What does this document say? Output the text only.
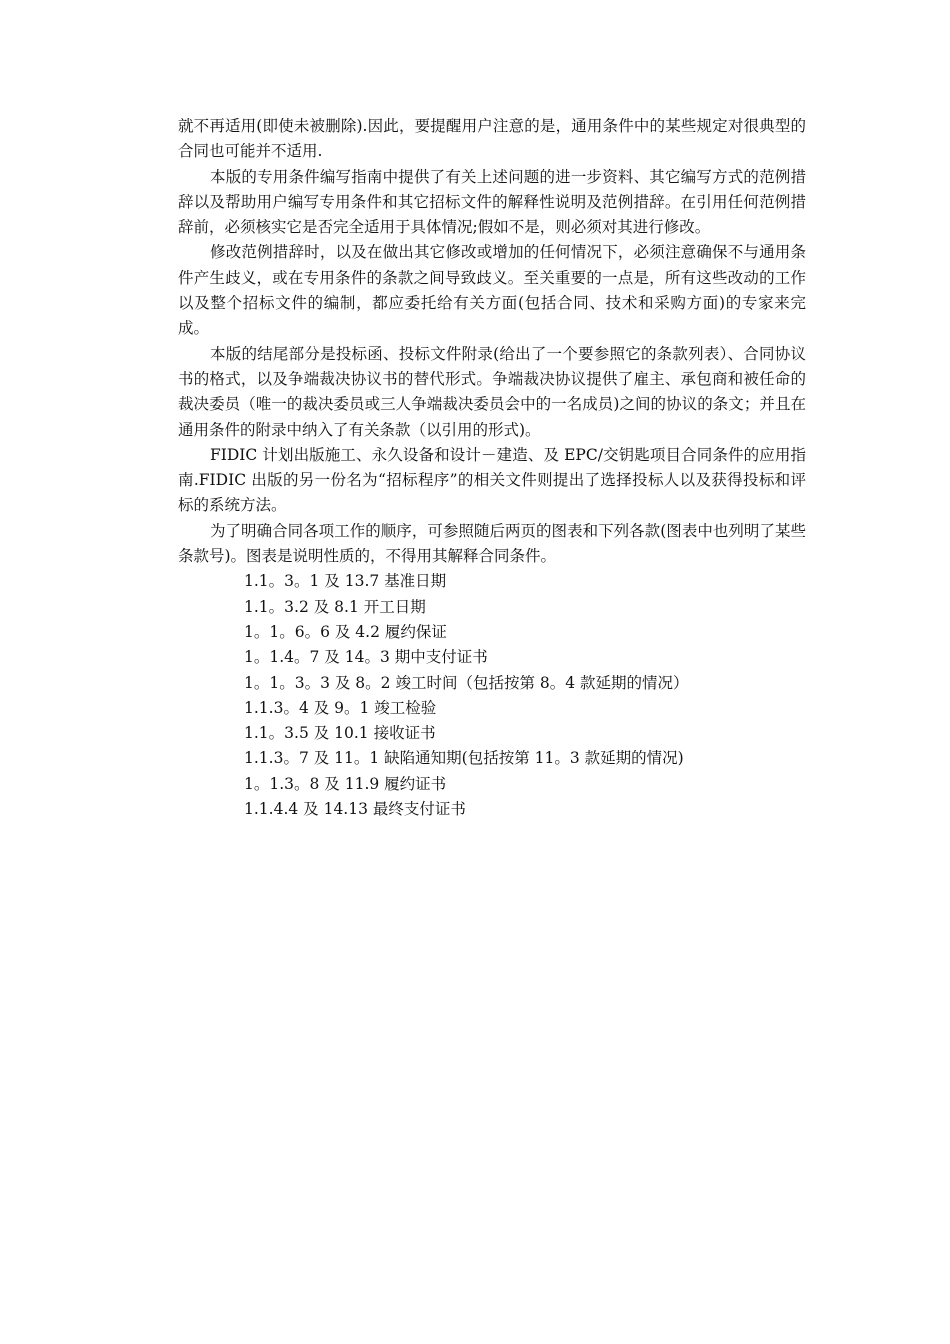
就不再适用(即使未被删除).因此，要提醒用户注意的是，通用条件中的某些规定对很典型的合同也可能并不适用.

本版的专用条件编写指南中提供了有关上述问题的进一步资料、其它编写方式的范例措辞以及帮助用户编写专用条件和其它招标文件的解释性说明及范例措辞。在引用任何范例措辞前，必须核实它是否完全适用于具体情况;假如不是，则必须对其进行修改。

修改范例措辞时，以及在做出其它修改或增加的任何情况下，必须注意确保不与通用条件产生歧义，或在专用条件的条款之间导致歧义。至关重要的一点是，所有这些改动的工作以及整个招标文件的编制，都应委托给有关方面(包括合同、技术和采购方面)的专家来完成。

本版的结尾部分是投标函、投标文件附录(给出了一个要参照它的条款列表）、合同协议书的格式，以及争端裁决协议书的替代形式。争端裁决协议提供了雇主、承包商和被任命的裁决委员（唯一的裁决委员或三人争端裁决委员会中的一名成员)之间的协议的条文；并且在通用条件的附录中纳入了有关条款（以引用的形式)。

FIDIC 计划出版施工、永久设备和设计－建造、及 EPC/交钥匙项目合同条件的应用指南.FIDIC 出版的另一份名为“招标程序”的相关文件则提出了选择投标人以及获得投标和评标的系统方法。

为了明确合同各项工作的顺序，可参照随后两页的图表和下列各款(图表中也列明了某些条款号)。图表是说明性质的，不得用其解释合同条件。

1.1。3。1 及 13.7 基准日期
1.1。3.2 及 8.1 开工日期
1。1。6。6 及 4.2 履约保证
1。1.4。7 及 14。3 期中支付证书
1。1。3。3 及 8。2 竣工时间（包括按第 8。4 款延期的情况）
1.1.3。4 及 9。1 竣工检验
1.1。3.5 及 10.1 接收证书
1.1.3。7 及 11。1 缺陷通知期(包括按第 11。3 款延期的情况)
1。1.3。8 及 11.9 履约证书
1.1.4.4 及 14.13 最终支付证书
